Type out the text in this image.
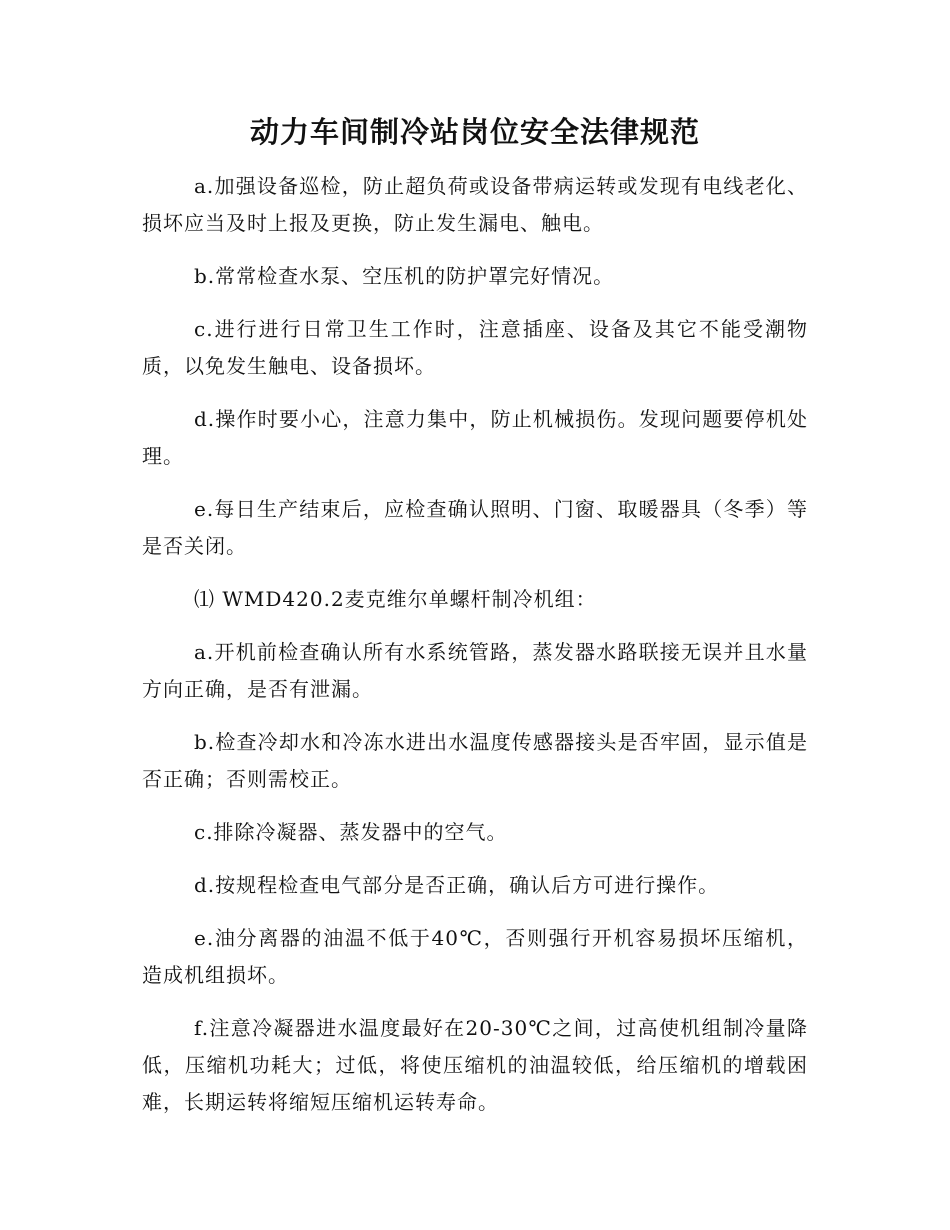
动力车间制冷站岗位安全法律规范

a.加强设备巡检，防止超负荷或设备带病运转或发现有电线老化、损坏应当及时上报及更换，防止发生漏电、触电。

b.常常检查水泵、空压机的防护罩完好情况。

c.进行进行日常卫生工作时，注意插座、设备及其它不能受潮物质，以免发生触电、设备损坏。

d.操作时要小心，注意力集中，防止机械损伤。发现问题要停机处理。

e.每日生产结束后，应检查确认照明、门窗、取暖器具（冬季）等是否关闭。

⑴ WMD420.2麦克维尔单螺杆制冷机组：

a.开机前检查确认所有水系统管路，蒸发器水路联接无误并且水量方向正确，是否有泄漏。

b.检查冷却水和冷冻水进出水温度传感器接头是否牢固，显示值是否正确；否则需校正。

c.排除冷凝器、蒸发器中的空气。

d.按规程检查电气部分是否正确，确认后方可进行操作。

e.油分离器的油温不低于40℃，否则强行开机容易损坏压缩机，造成机组损坏。

f.注意冷凝器进水温度最好在20-30℃之间，过高使机组制冷量降低，压缩机功耗大；过低，将使压缩机的油温较低，给压缩机的增载困难，长期运转将缩短压缩机运转寿命。
